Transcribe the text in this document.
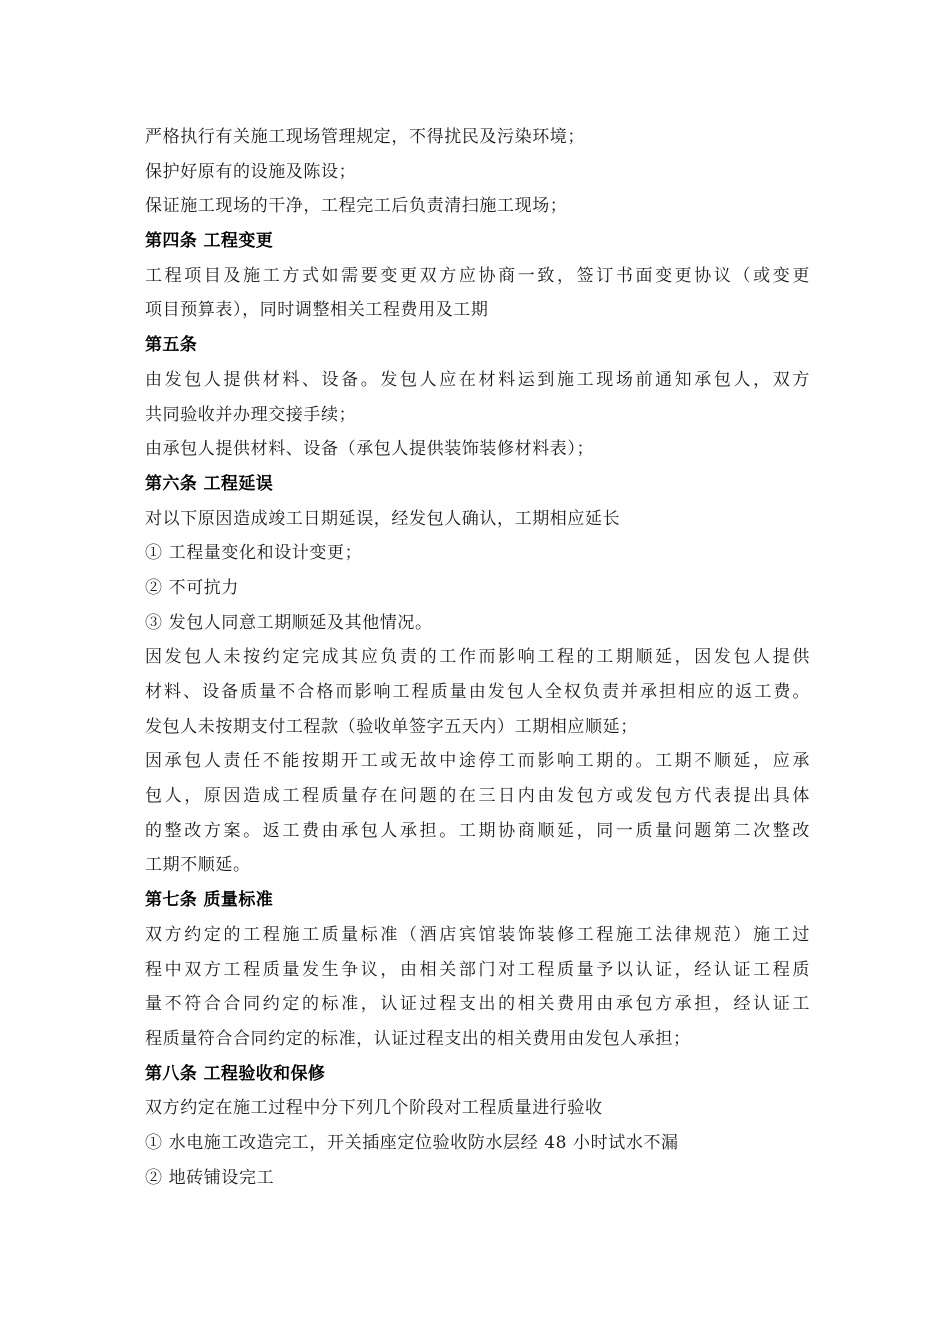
严格执行有关施工现场管理规定，不得扰民及污染环境；
保护好原有的设施及陈设；
保证施工现场的干净，工程完工后负责清扫施工现场；
第四条 工程变更
工程项目及施工方式如需要变更双方应协商一致，签订书面变更协议（或变更
项目预算表），同时调整相关工程费用及工期
第五条
由发包人提供材料、设备。发包人应在材料运到施工现场前通知承包人，双方
共同验收并办理交接手续；
由承包人提供材料、设备（承包人提供装饰装修材料表）；
第六条 工程延误
对以下原因造成竣工日期延误，经发包人确认，工期相应延长
① 工程量变化和设计变更；
② 不可抗力
③ 发包人同意工期顺延及其他情况。
因发包人未按约定完成其应负责的工作而影响工程的工期顺延，因发包人提供
材料、设备质量不合格而影响工程质量由发包人全权负责并承担相应的返工费。
发包人未按期支付工程款（验收单签字五天内）工期相应顺延；
因承包人责任不能按期开工或无故中途停工而影响工期的。工期不顺延，应承
包人，原因造成工程质量存在问题的在三日内由发包方或发包方代表提出具体
的整改方案。返工费由承包人承担。工期协商顺延，同一质量问题第二次整改
工期不顺延。
第七条 质量标准
双方约定的工程施工质量标准（酒店宾馆装饰装修工程施工法律规范）施工过
程中双方工程质量发生争议，由相关部门对工程质量予以认证，经认证工程质
量不符合合同约定的标准，认证过程支出的相关费用由承包方承担，经认证工
程质量符合合同约定的标准，认证过程支出的相关费用由发包人承担；
第八条 工程验收和保修
双方约定在施工过程中分下列几个阶段对工程质量进行验收
① 水电施工改造完工，开关插座定位验收防水层经 48 小时试水不漏
② 地砖铺设完工
